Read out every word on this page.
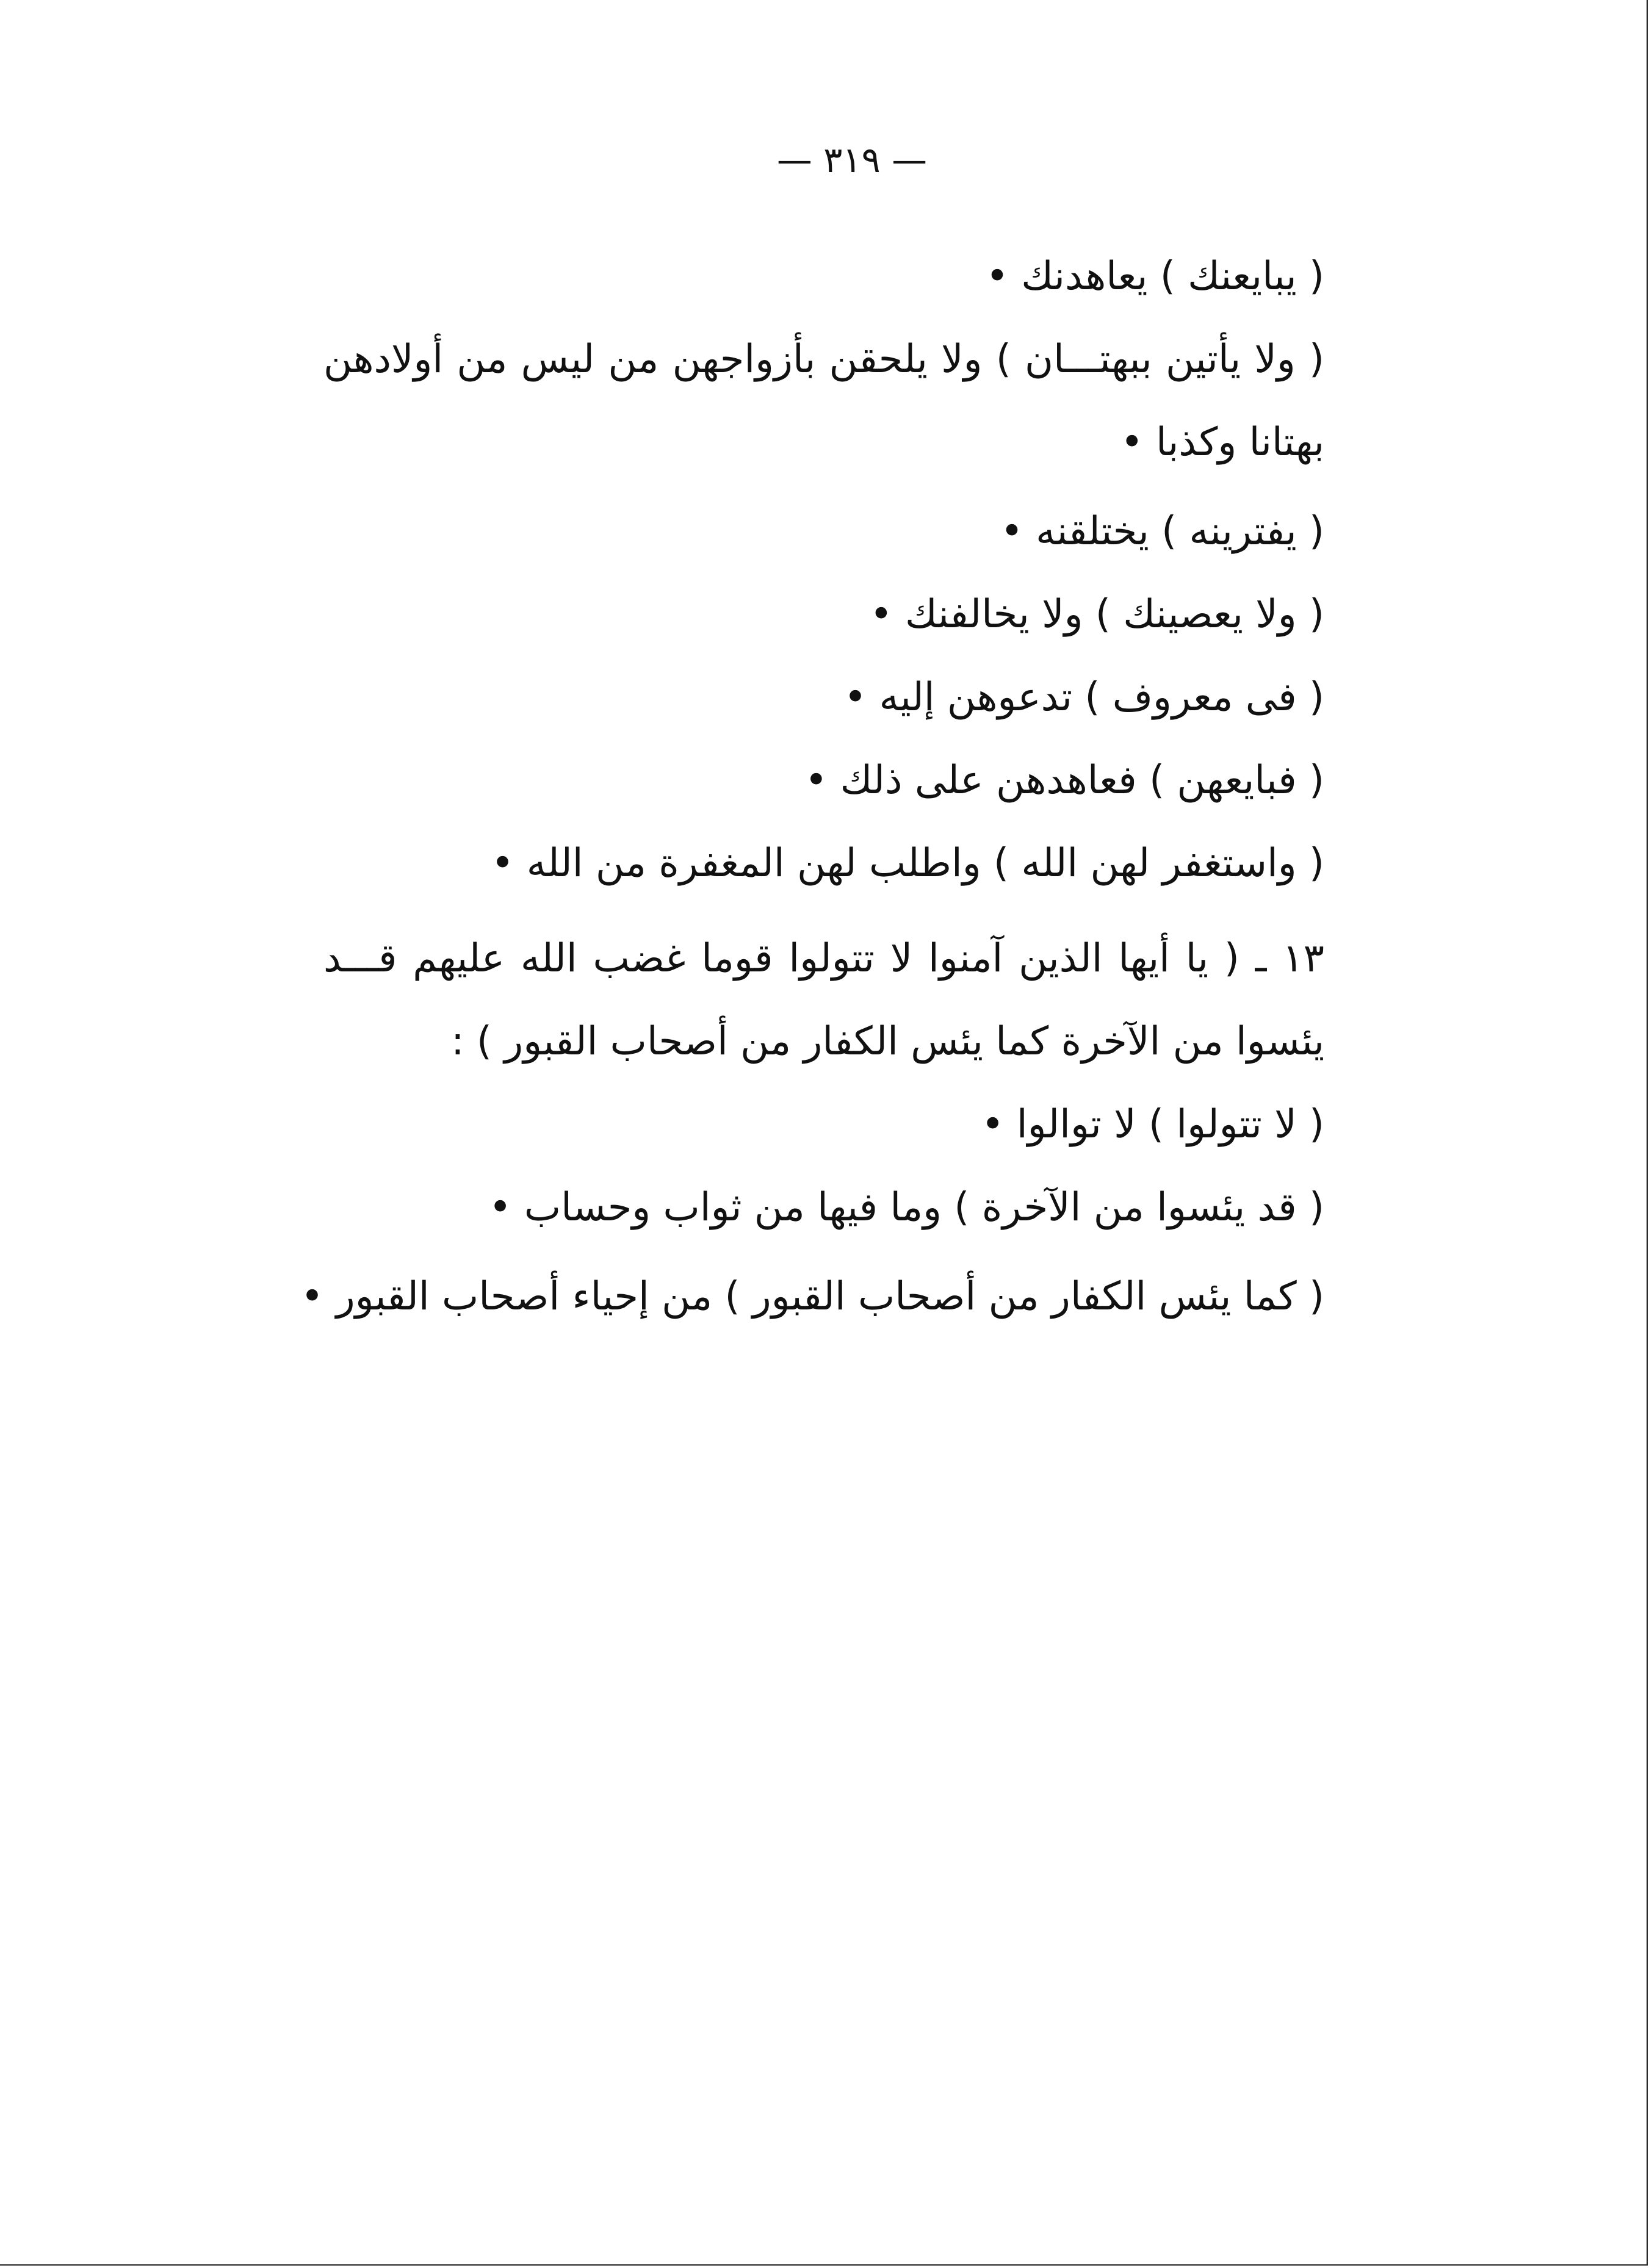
— ٣١٩ —

( يبايعنك ) يعاهدنك •

( ولا يأتين ببهتـــان ) ولا يلحقن بأزواجهن من ليس من أولادهن بهتانا وكذبا •

( يفترينه ) يختلقنه •

( ولا يعصينك ) ولا يخالفنك •

( فى معروف ) تدعوهن إليه •

( فبايعهن ) فعاهدهن على ذلك •

( واستغفر لهن الله ) واطلب لهن المغفرة من الله •

١٣ ـ ( يا أيها الذين آمنوا لا تتولوا قوما غضب الله عليهم قـــد يئسوا من الآخرة كما يئس الكفار من أصحاب القبور ) :

( لا تتولوا ) لا توالوا •

( قد يئسوا من الآخرة ) وما فيها من ثواب وحساب •

( كما يئس الكفار من أصحاب القبور ) من إحياء أصحاب القبور •
